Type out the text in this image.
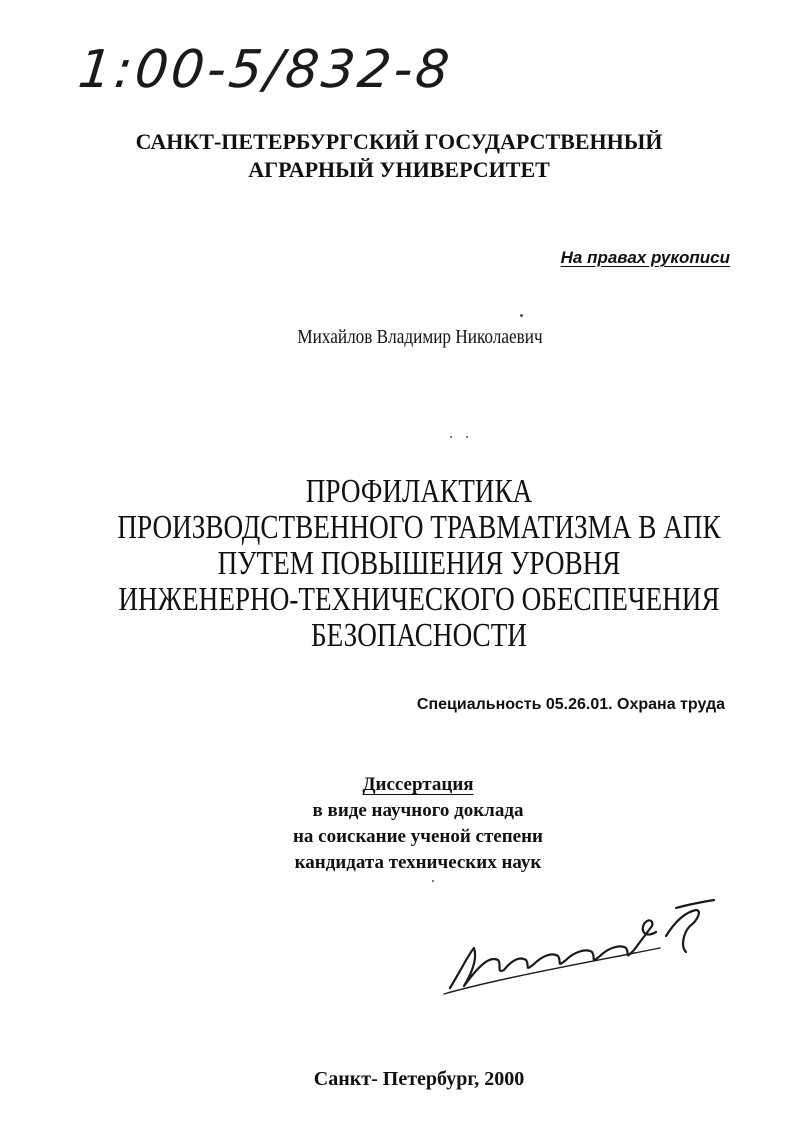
1:00-5/832-8
САНКТ-ПЕТЕРБУРГСКИЙ ГОСУДАРСТВЕННЫЙ
АГРАРНЫЙ УНИВЕРСИТЕТ
На правах рукописи
Михайлов Владимир Николаевич
ПРОФИЛАКТИКА
ПРОИЗВОДСТВЕННОГО ТРАВМАТИЗМА В АПК
ПУТЕМ ПОВЫШЕНИЯ УРОВНЯ
ИНЖЕНЕРНО-ТЕХНИЧЕСКОГО ОБЕСПЕЧЕНИЯ
БЕЗОПАСНОСТИ
Специальность 05.26.01. Охрана труда
Диссертация
в виде научного доклада
на соискание ученой степени
кандидата технических наук
Санкт- Петербург, 2000
